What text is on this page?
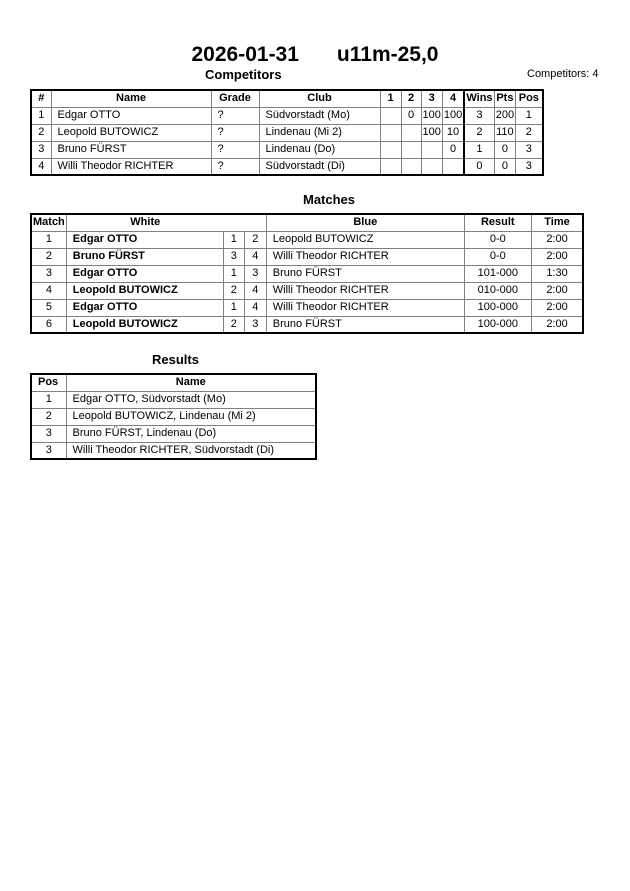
2026-01-31 u11m-25,0
Competitors	Competitors: 4
#	Name	Grade	Club	1	2	3	4	Wins	Pts	Pos
1	Edgar OTTO	?	Südvorstadt (Mo)		0	100	100	3	200	1
2	Leopold BUTOWICZ	?	Lindenau (Mi 2)			100	10	2	110	2
3	Bruno FÜRST	?	Lindenau (Do)				0	1	0	3
4	Willi Theodor RICHTER	?	Südvorstadt (Di)					0	0	3
Matches
Match	White			Blue	Result	Time
1	Edgar OTTO	1	2	Leopold BUTOWICZ	0-0	2:00
2	Bruno FÜRST	3	4	Willi Theodor RICHTER	0-0	2:00
3	Edgar OTTO	1	3	Bruno FÜRST	101-000	1:30
4	Leopold BUTOWICZ	2	4	Willi Theodor RICHTER	010-000	2:00
5	Edgar OTTO	1	4	Willi Theodor RICHTER	100-000	2:00
6	Leopold BUTOWICZ	2	3	Bruno FÜRST	100-000	2:00
Results
Pos	Name
1	Edgar OTTO, Südvorstadt (Mo)
2	Leopold BUTOWICZ, Lindenau (Mi 2)
3	Bruno FÜRST, Lindenau (Do)
3	Willi Theodor RICHTER, Südvorstadt (Di)
